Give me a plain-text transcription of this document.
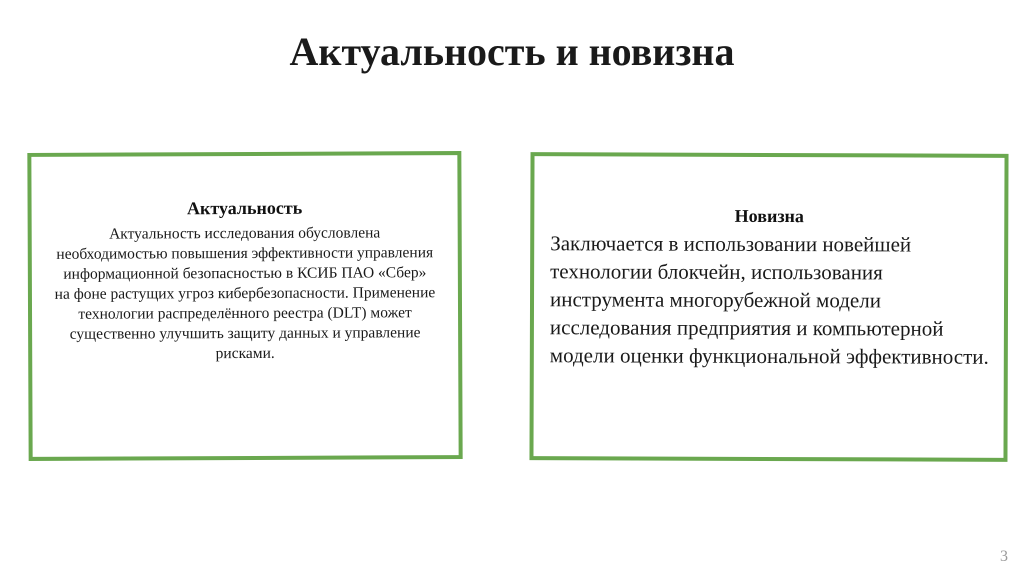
Актуальность и новизна
Актуальность
Актуальность исследования обусловлена необходимостью повышения эффективности управления информационной безопасностью в КСИБ ПАО «Сбер» на фоне растущих угроз кибербезопасности. Применение технологии распределённого реестра (DLT) может существенно улучшить защиту данных и управление рисками.
Новизна
Заключается в использовании новейшей технологии блокчейн, использования инструмента многорубежной модели исследования предприятия и компьютерной модели оценки функциональной эффективности.
3
